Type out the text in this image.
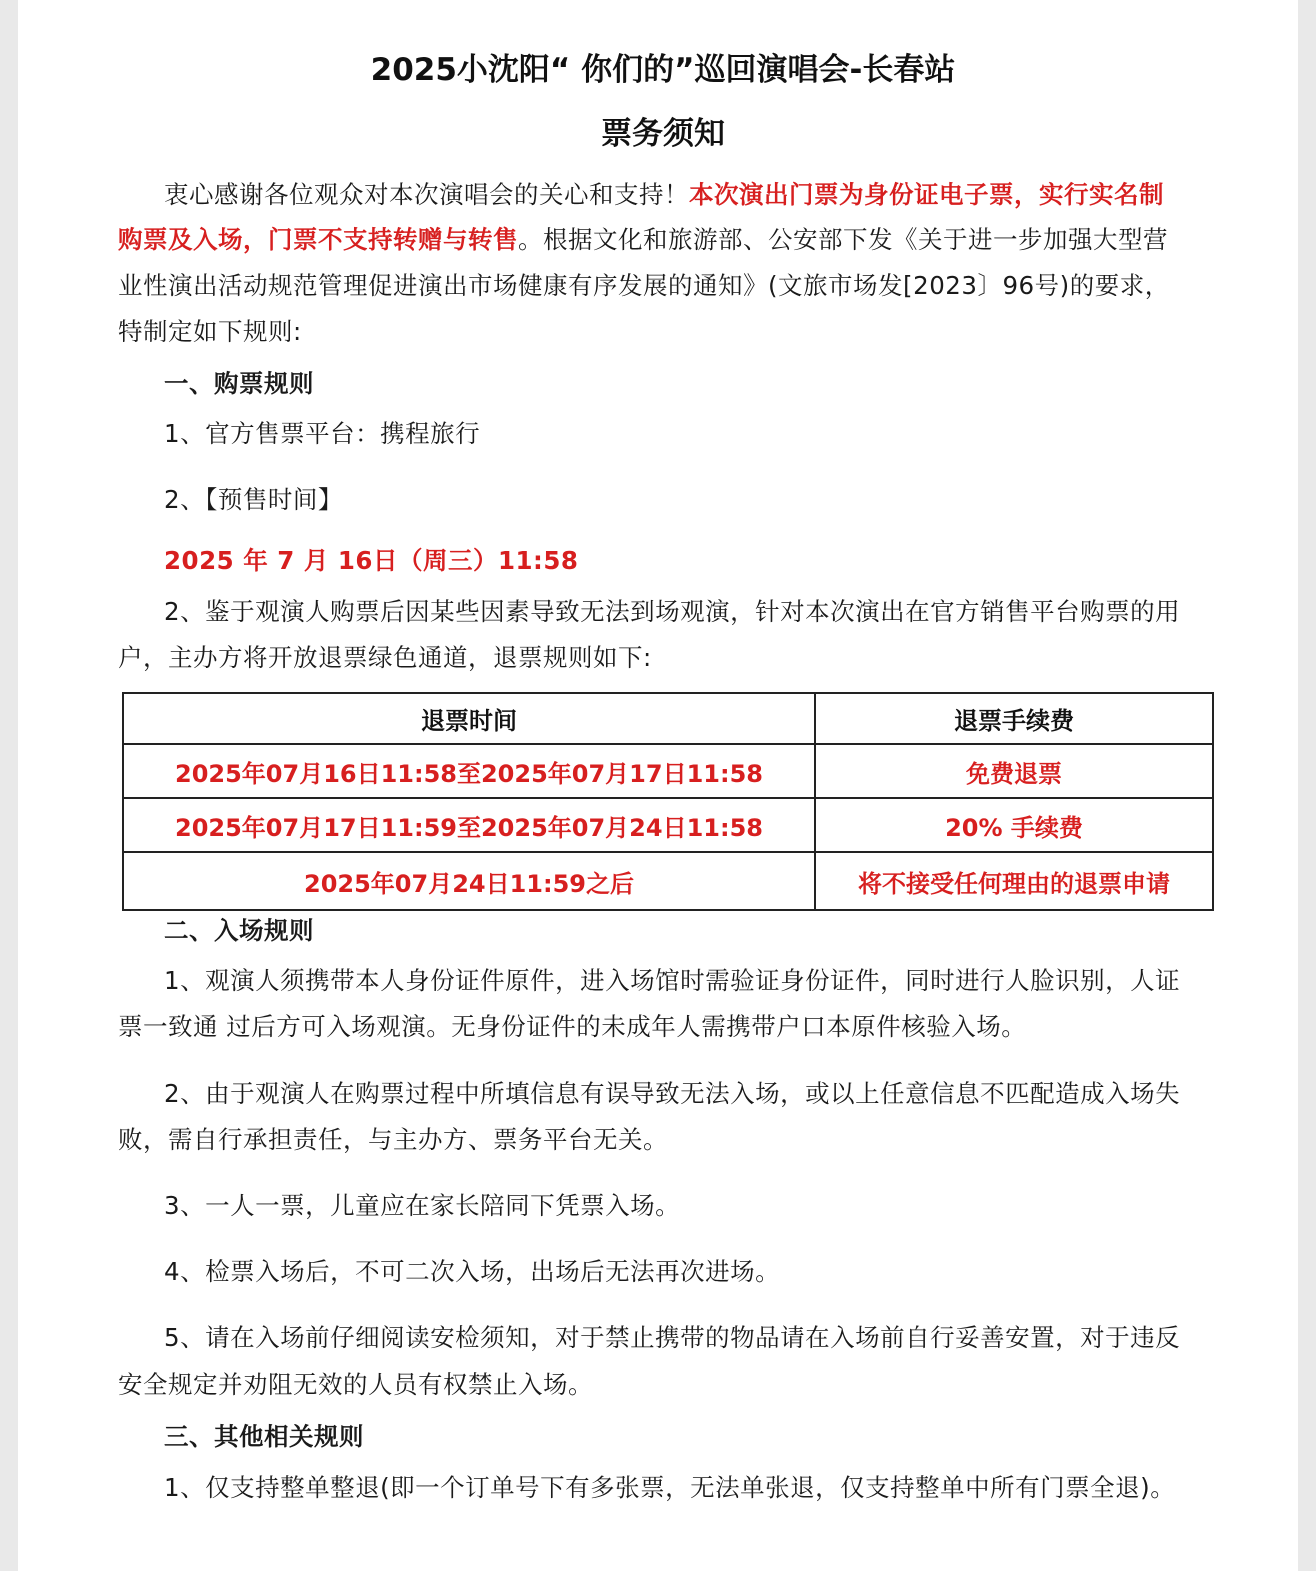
2025小沈阳“ 你们的”巡回演唱会-长春站
票务须知
衷心感谢各位观众对本次演唱会的关心和支持！本次演出门票为身份证电子票，实行实名制
购票及入场，门票不支持转赠与转售。根据文化和旅游部、公安部下发《关于进一步加强大型营
业性演出活动规范管理促进演出市场健康有序发展的通知》(文旅市场发[2023〕96号)的要求，
特制定如下规则:
一、购票规则
1、官方售票平台：携程旅行
2、【预售时间】
2025 年 7 月 16日（周三）11:58
2、鉴于观演人购票后因某些因素导致无法到场观演，针对本次演出在官方销售平台购票的用
户，主办方将开放退票绿色通道，退票规则如下:
退票时间	退票手续费
2025年07月16日11:58至2025年07月17日11:58	免费退票
2025年07月17日11:59至2025年07月24日11:58	20% 手续费
2025年07月24日11:59之后	将不接受任何理由的退票申请
二、入场规则
1、观演人须携带本人身份证件原件，进入场馆时需验证身份证件，同时进行人脸识别，人证
票一致通 过后方可入场观演。无身份证件的未成年人需携带户口本原件核验入场。
2、由于观演人在购票过程中所填信息有误导致无法入场，或以上任意信息不匹配造成入场失
败，需自行承担责任，与主办方、票务平台无关。
3、一人一票，儿童应在家长陪同下凭票入场。
4、检票入场后，不可二次入场，出场后无法再次进场。
5、请在入场前仔细阅读安检须知，对于禁止携带的物品请在入场前自行妥善安置，对于违反
安全规定并劝阻无效的人员有权禁止入场。
三、其他相关规则
1、仅支持整单整退(即一个订单号下有多张票，无法单张退，仅支持整单中所有门票全退)。
